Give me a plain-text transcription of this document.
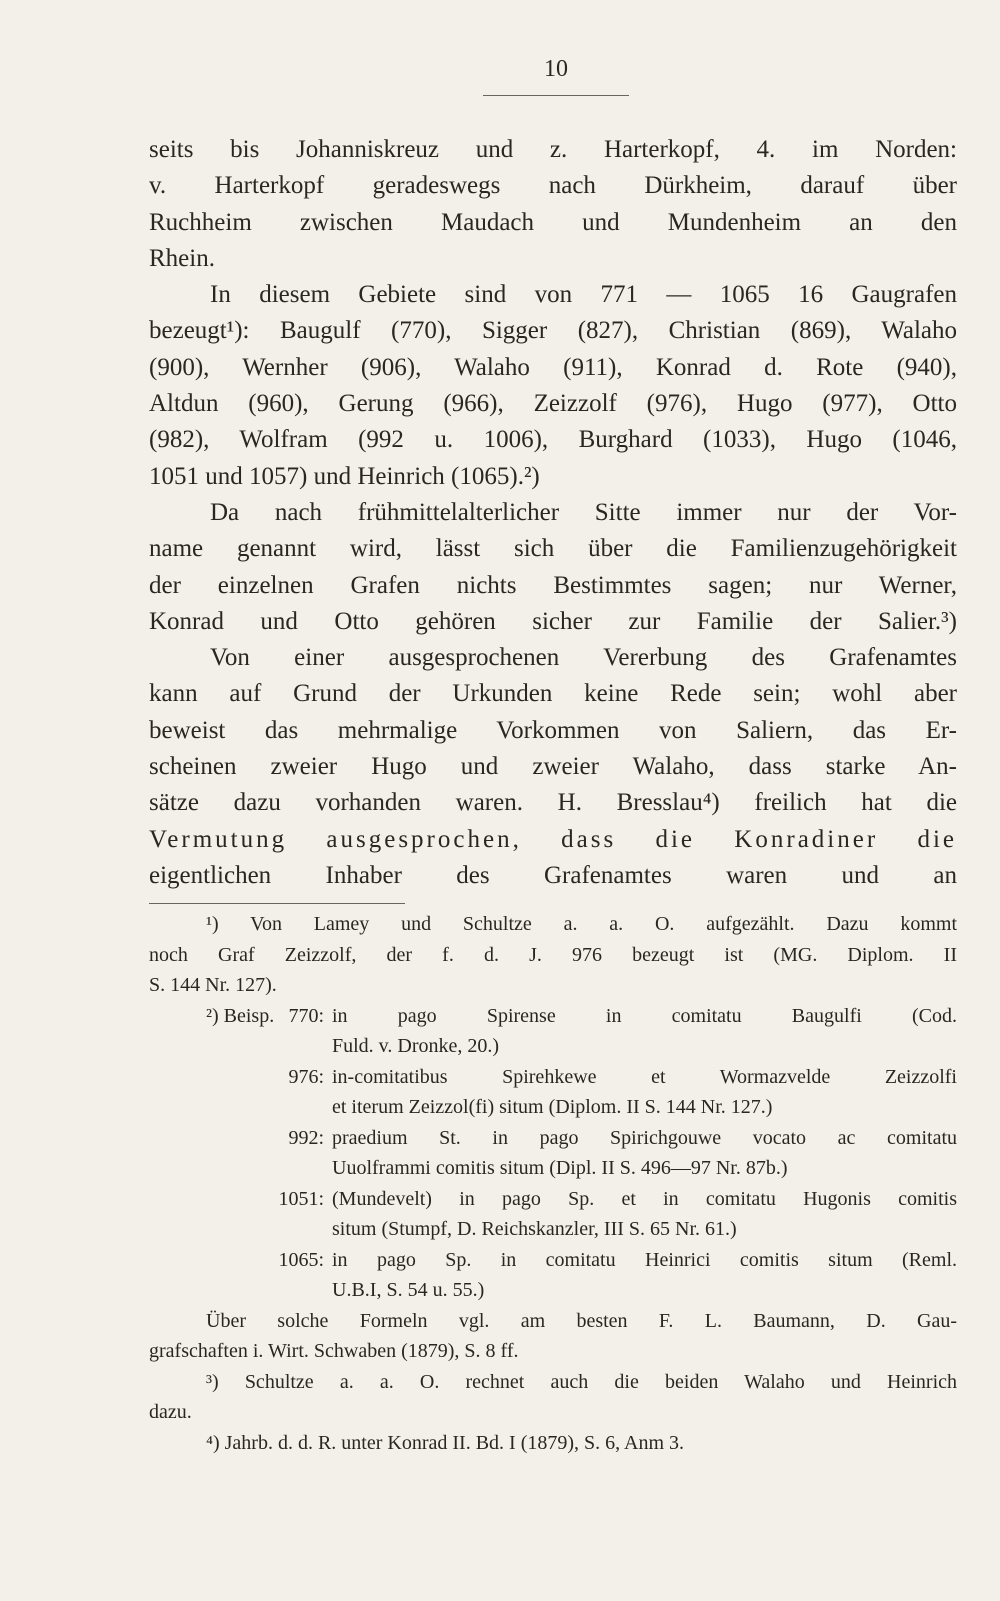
10
seits bis Johanniskreuz und z. Harterkopf, 4. im Norden:
v. Harterkopf geradeswegs nach Dürkheim, darauf über
Ruchheim zwischen Maudach und Mundenheim an den
Rhein.
In diesem Gebiete sind von 771 — 1065 16 Gaugrafen
bezeugt¹): Baugulf (770), Sigger (827), Christian (869), Walaho
(900), Wernher (906), Walaho (911), Konrad d. Rote (940),
Altdun (960), Gerung (966), Zeizzolf (976), Hugo (977), Otto
(982), Wolfram (992 u. 1006), Burghard (1033), Hugo (1046,
1051 und 1057) und Heinrich (1065).²)
Da nach frühmittelalterlicher Sitte immer nur der Vor-
name genannt wird, lässt sich über die Familienzugehörigkeit
der einzelnen Grafen nichts Bestimmtes sagen; nur Werner,
Konrad und Otto gehören sicher zur Familie der Salier.³)
Von einer ausgesprochenen Vererbung des Grafenamtes
kann auf Grund der Urkunden keine Rede sein; wohl aber
beweist das mehrmalige Vorkommen von Saliern, das Er-
scheinen zweier Hugo und zweier Walaho, dass starke An-
sätze dazu vorhanden waren. H. Bresslau⁴) freilich hat die
Vermutung ausgesprochen, dass die Konradiner die
eigentlichen Inhaber des Grafenamtes waren und an
¹) Von Lamey und Schultze a. a. O. aufgezählt. Dazu kommt
noch Graf Zeizzolf, der f. d. J. 976 bezeugt ist (MG. Diplom. II
S. 144 Nr. 127).
²) Beisp. 770: in pago Spirense in comitatu Baugulfi (Cod.
Fuld. v. Dronke, 20.)
976: in-comitatibus Spirehkewe et Wormazvelde Zeizzolfi
et iterum Zeizzol(fi) situm (Diplom. II S. 144 Nr. 127.)
992: praedium St. in pago Spirichgouwe vocato ac comitatu
Uuolframmi comitis situm (Dipl. II S. 496—97 Nr. 87b.)
1051: (Mundevelt) in pago Sp. et in comitatu Hugonis comitis
situm (Stumpf, D. Reichskanzler, III S. 65 Nr. 61.)
1065: in pago Sp. in comitatu Heinrici comitis situm (Reml.
U.B.I, S. 54 u. 55.)
Über solche Formeln vgl. am besten F. L. Baumann, D. Gau-
grafschaften i. Wirt. Schwaben (1879), S. 8 ff.
³) Schultze a. a. O. rechnet auch die beiden Walaho und Heinrich
dazu.
⁴) Jahrb. d. d. R. unter Konrad II. Bd. I (1879), S. 6, Anm 3.
